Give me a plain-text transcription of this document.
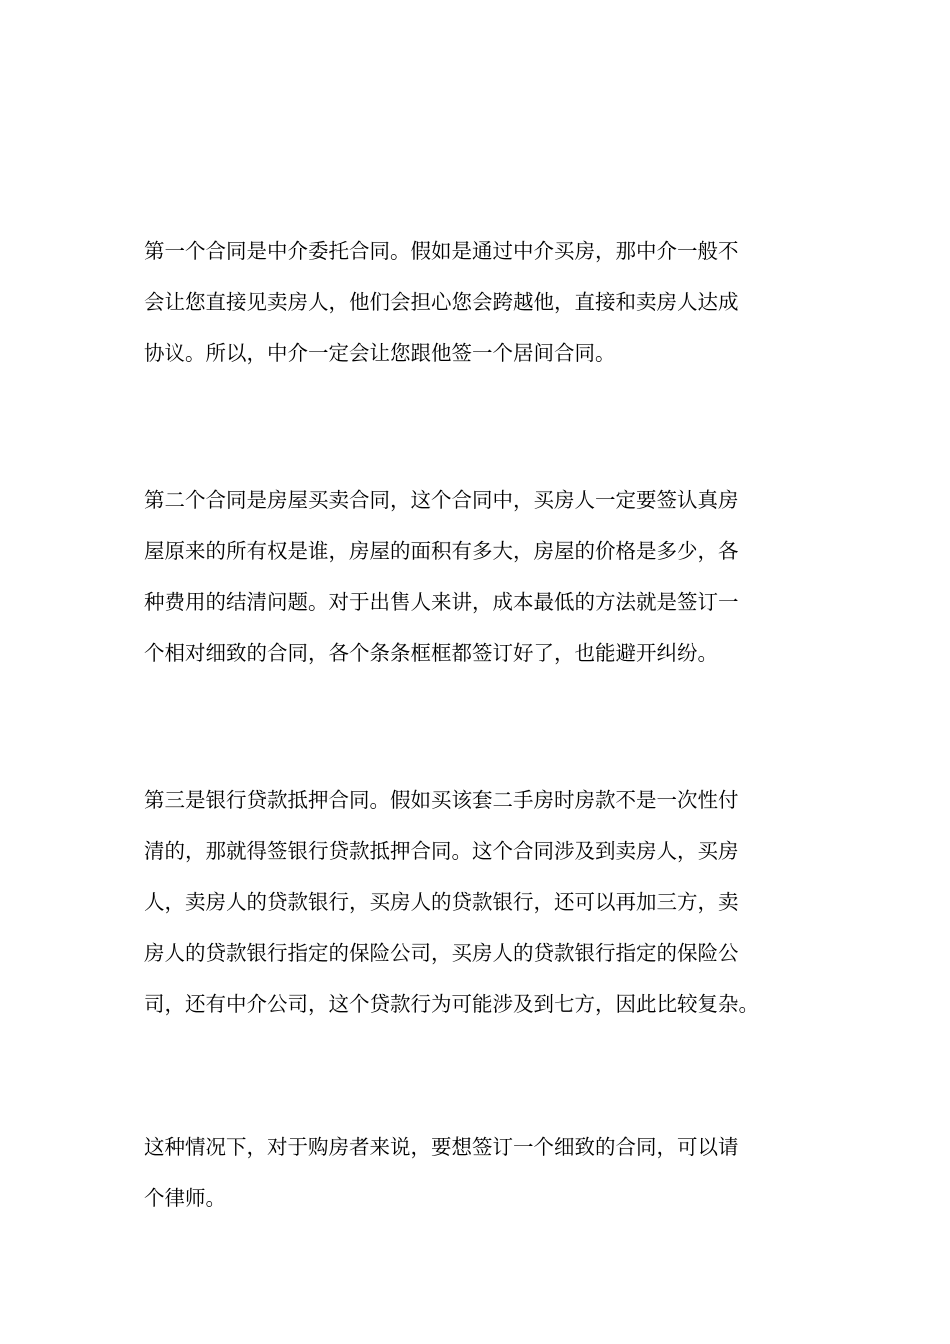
第一个合同是中介委托合同。假如是通过中介买房，那中介一般不
会让您直接见卖房人，他们会担心您会跨越他，直接和卖房人达成
协议。所以，中介一定会让您跟他签一个居间合同。

第二个合同是房屋买卖合同，这个合同中，买房人一定要签认真房
屋原来的所有权是谁，房屋的面积有多大，房屋的价格是多少，各
种费用的结清问题。对于出售人来讲，成本最低的方法就是签订一
个相对细致的合同，各个条条框框都签订好了，也能避开纠纷。

第三是银行贷款抵押合同。假如买该套二手房时房款不是一次性付
清的，那就得签银行贷款抵押合同。这个合同涉及到卖房人，买房
人，卖房人的贷款银行，买房人的贷款银行，还可以再加三方，卖
房人的贷款银行指定的保险公司，买房人的贷款银行指定的保险公
司，还有中介公司，这个贷款行为可能涉及到七方，因此比较复杂。

这种情况下，对于购房者来说，要想签订一个细致的合同，可以请
个律师。
